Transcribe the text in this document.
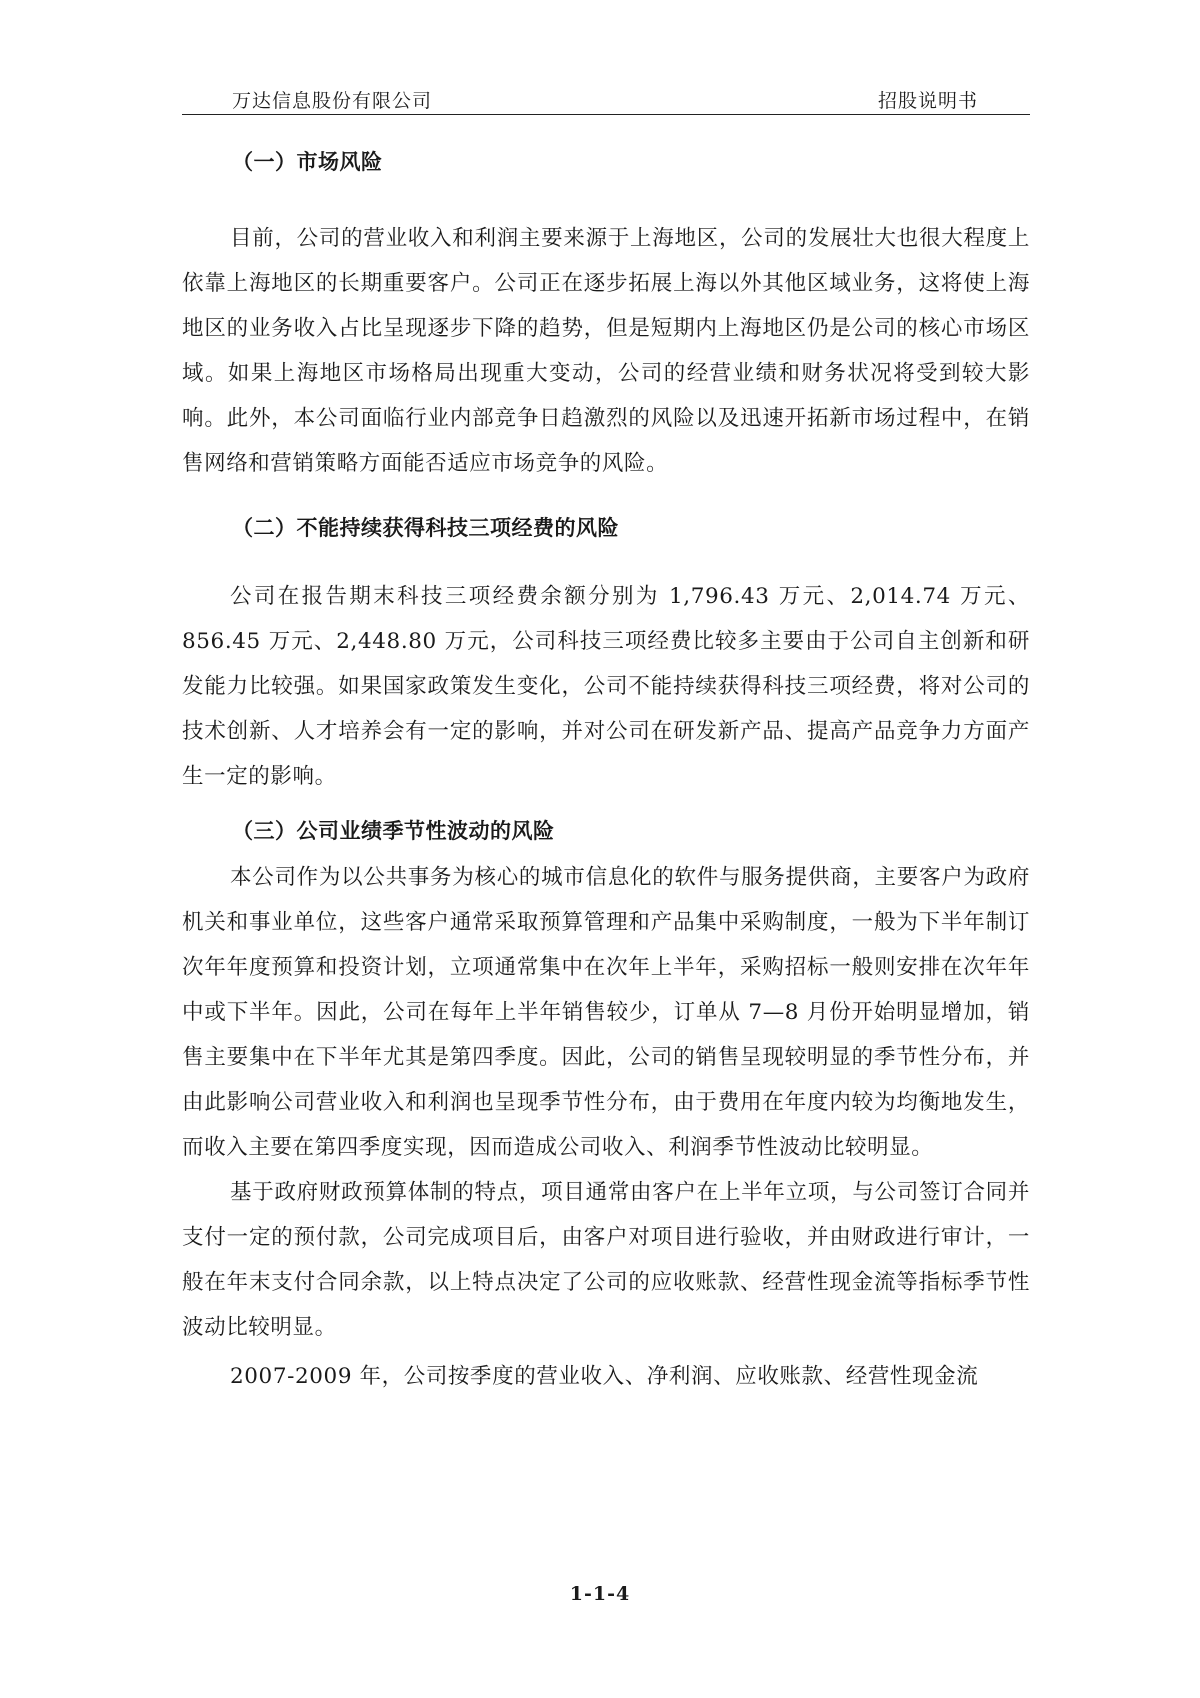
万达信息股份有限公司	招股说明书
（一）市场风险

目前，公司的营业收入和利润主要来源于上海地区，公司的发展壮大也很大程度上依靠上海地区的长期重要客户。公司正在逐步拓展上海以外其他区域业务，这将使上海地区的业务收入占比呈现逐步下降的趋势，但是短期内上海地区仍是公司的核心市场区域。如果上海地区市场格局出现重大变动，公司的经营业绩和财务状况将受到较大影响。此外，本公司面临行业内部竞争日趋激烈的风险以及迅速开拓新市场过程中，在销售网络和营销策略方面能否适应市场竞争的风险。

（二）不能持续获得科技三项经费的风险

公司在报告期末科技三项经费余额分别为 1,796.43 万元、2,014.74 万元、856.45 万元、2,448.80 万元，公司科技三项经费比较多主要由于公司自主创新和研发能力比较强。如果国家政策发生变化，公司不能持续获得科技三项经费，将对公司的技术创新、人才培养会有一定的影响，并对公司在研发新产品、提高产品竞争力方面产生一定的影响。

（三）公司业绩季节性波动的风险

本公司作为以公共事务为核心的城市信息化的软件与服务提供商，主要客户为政府机关和事业单位，这些客户通常采取预算管理和产品集中采购制度，一般为下半年制订次年年度预算和投资计划，立项通常集中在次年上半年，采购招标一般则安排在次年年中或下半年。因此，公司在每年上半年销售较少，订单从 7—8 月份开始明显增加，销售主要集中在下半年尤其是第四季度。因此，公司的销售呈现较明显的季节性分布，并由此影响公司营业收入和利润也呈现季节性分布，由于费用在年度内较为均衡地发生，而收入主要在第四季度实现，因而造成公司收入、利润季节性波动比较明显。

基于政府财政预算体制的特点，项目通常由客户在上半年立项，与公司签订合同并支付一定的预付款，公司完成项目后，由客户对项目进行验收，并由财政进行审计，一般在年末支付合同余款，以上特点决定了公司的应收账款、经营性现金流等指标季节性波动比较明显。

2007-2009 年，公司按季度的营业收入、净利润、应收账款、经营性现金流

1-1-4
